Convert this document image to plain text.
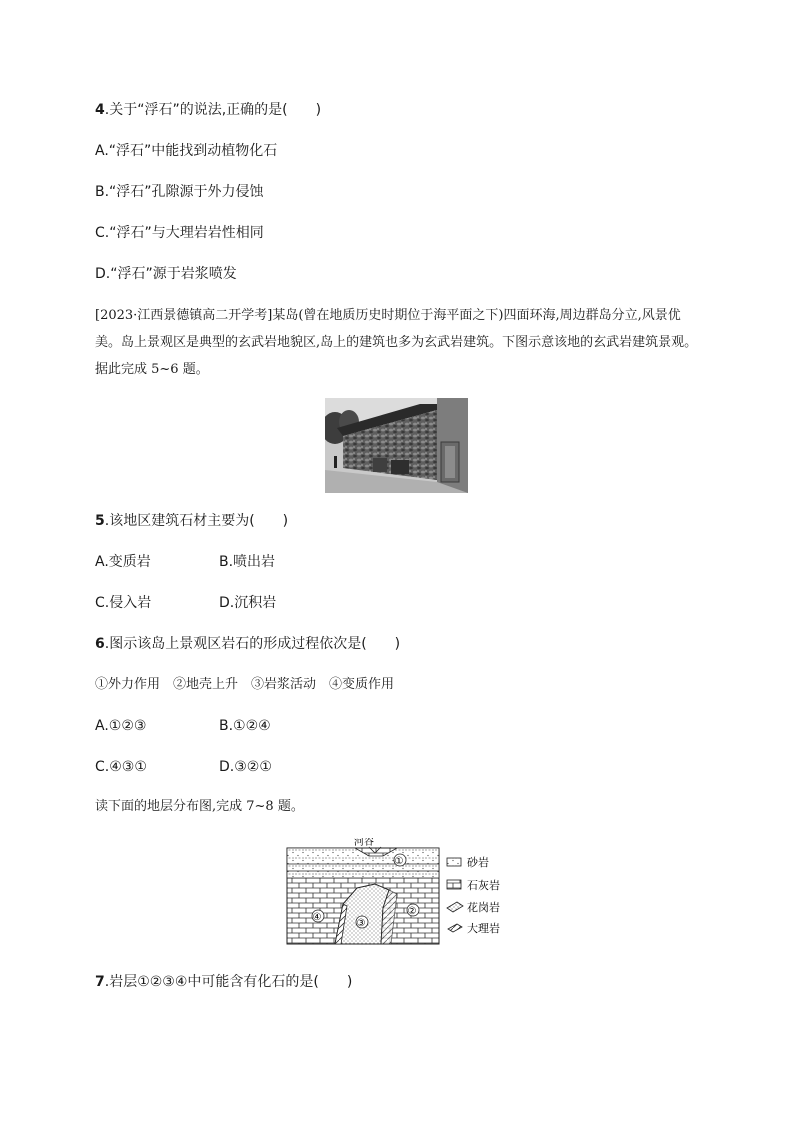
4.关于“浮石”的说法,正确的是(　　)
A.“浮石”中能找到动植物化石
B.“浮石”孔隙源于外力侵蚀
C.“浮石”与大理岩岩性相同
D.“浮石”源于岩浆喷发
[2023·江西景德镇高二开学考]某岛(曾在地质历史时期位于海平面之下)四面环海,周边群岛分立,风景优美。岛上景观区是典型的玄武岩地貌区,岛上的建筑也多为玄武岩建筑。下图示意该地的玄武岩建筑景观。据此完成 5~6 题。
5.该地区建筑石材主要为(　　)
A.变质岩	B.喷出岩
C.侵入岩	D.沉积岩
6.图示该岛上景观区岩石的形成过程依次是(　　)
①外力作用　②地壳上升　③岩浆活动　④变质作用
A.①②③	B.①②④
C.④③①	D.③②①
读下面的地层分布图,完成 7~8 题。
河谷
①
②
③
④
砂岩
石灰岩
花岗岩
大理岩
7.岩层①②③④中可能含有化石的是(　　)
